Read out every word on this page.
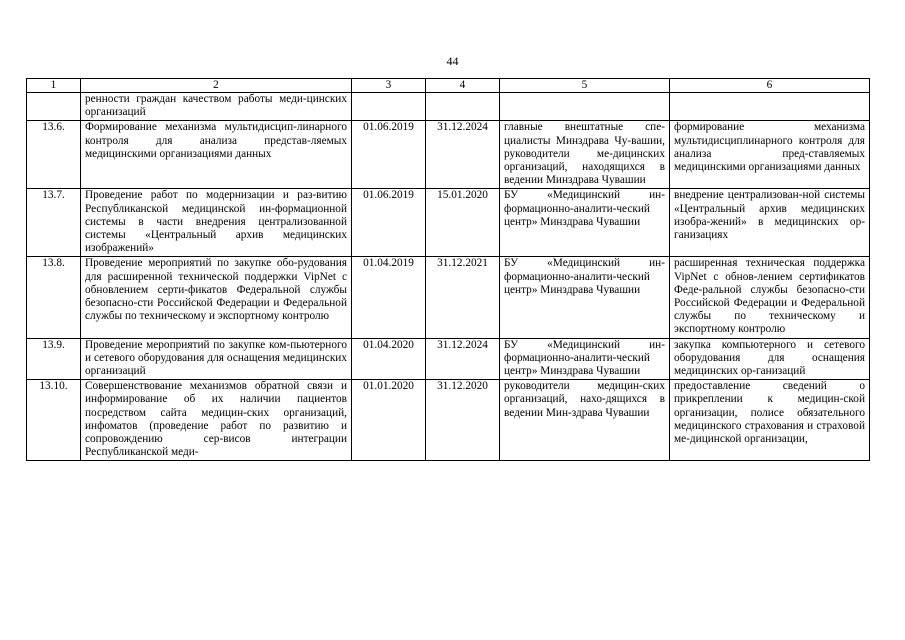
44
1	2	3	4	5	6
	ренности граждан качеством работы меди-цинских организаций				
13.6.	Формирование механизма мультидисцип-линарного контроля для анализа представ-ляемых медицинскими организациями данных	01.06.2019	31.12.2024	главные внештатные спе-циалисты Минздрава Чу-вашии, руководители ме-дицинских организаций, находящихся в ведении Минздрава Чувашии	формирование механизма мультидисциплинарного контроля для анализа пред-ставляемых медицинскими организациями данных
13.7.	Проведение работ по модернизации и раз-витию Республиканской медицинской ин-формационной системы в части внедрения централизованной системы «Центральный архив медицинских изображений»	01.06.2019	15.01.2020	БУ «Медицинский ин-формационно-аналити-ческий центр» Минздрава Чувашии	внедрение централизован-ной системы «Центральный архив медицинских изобра-жений» в медицинских ор-ганизациях
13.8.	Проведение мероприятий по закупке обо-рудования для расширенной технической поддержки VipNet с обновлением серти-фикатов Федеральной службы безопасно-сти Российской Федерации и Федеральной службы по техническому и экспортному контролю	01.04.2019	31.12.2021	БУ «Медицинский ин-формационно-аналити-ческий центр» Минздрава Чувашии	расширенная техническая поддержка VipNet с обнов-лением сертификатов Феде-ральной службы безопасно-сти Российской Федерации и Федеральной службы по техническому и экспортному контролю
13.9.	Проведение мероприятий по закупке ком-пьютерного и сетевого оборудования для оснащения медицинских организаций	01.04.2020	31.12.2024	БУ «Медицинский ин-формационно-аналити-ческий центр» Минздрава Чувашии	закупка компьютерного и сетевого оборудования для оснащения медицинских ор-ганизаций
13.10.	Совершенствование механизмов обратной связи и информирование об их наличии пациентов посредством сайта медицин-ских организаций, инфоматов (проведение работ по развитию и сопровождению сер-висов интеграции Республиканской меди-	01.01.2020	31.12.2020	руководители медицин-ских организаций, нахо-дящихся в ведении Мин-здрава Чувашии	предоставление сведений о прикреплении к медицин-ской организации, полисе обязательного медицинского страхования и страховой ме-дицинской организации,
